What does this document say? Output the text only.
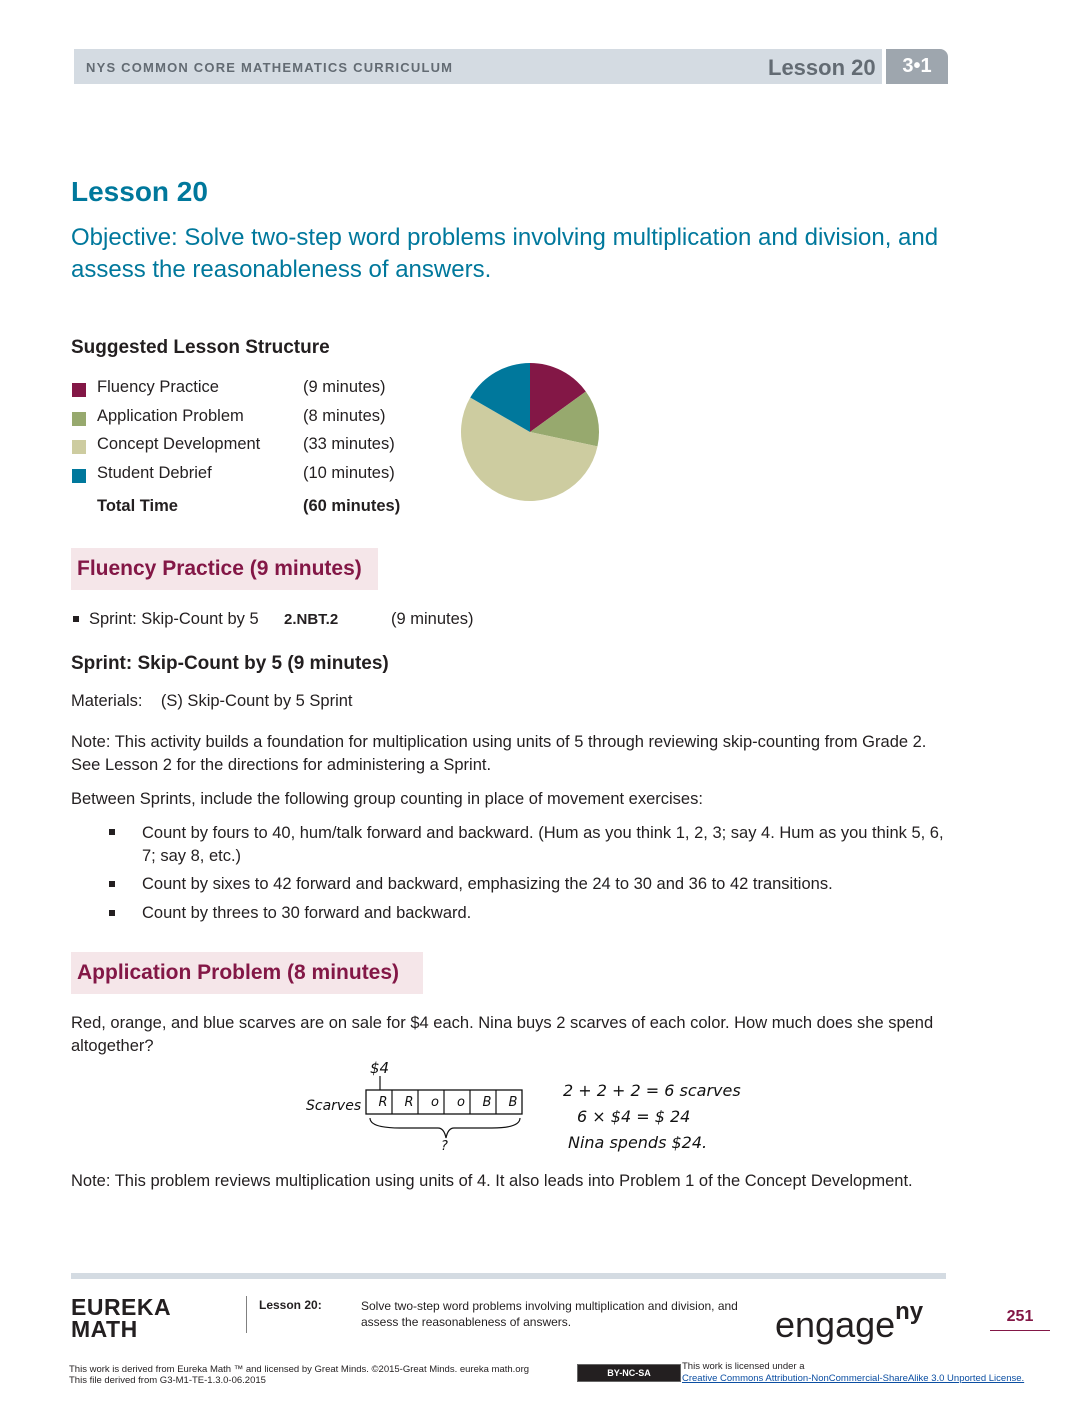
NYS COMMON CORE MATHEMATICS CURRICULUM	Lesson 20	3•1
Lesson 20
Objective: Solve two-step word problems involving multiplication and division, and assess the reasonableness of answers.
Suggested Lesson Structure
Fluency Practice	(9 minutes)
Application Problem	(8 minutes)
Concept Development	(33 minutes)
Student Debrief	(10 minutes)
Total Time	(60 minutes)
Fluency Practice (9 minutes)
Sprint: Skip-Count by 5 2.NBT.2	(9 minutes)
Sprint: Skip-Count by 5 (9 minutes)
Materials:    (S) Skip-Count by 5 Sprint
Note: This activity builds a foundation for multiplication using units of 5 through reviewing skip-counting from Grade 2. See Lesson 2 for the directions for administering a Sprint.
Between Sprints, include the following group counting in place of movement exercises:
Count by fours to 40, hum/talk forward and backward. (Hum as you think 1, 2, 3; say 4. Hum as you think 5, 6, 7; say 8, etc.)
Count by sixes to 42 forward and backward, emphasizing the 24 to 30 and 36 to 42 transitions.
Count by threes to 30 forward and backward.
Application Problem (8 minutes)
Red, orange, and blue scarves are on sale for $4 each. Nina buys 2 scarves of each color. How much does she spend altogether?
$4
Scarves	R	R	o	o	B	B
?
2 + 2 + 2 = 6 scarves
6 × $4 = $ 24
Nina spends $24.
Note: This problem reviews multiplication using units of 4. It also leads into Problem 1 of the Concept Development.
EUREKA
MATH
Lesson 20:	Solve two-step word problems involving multiplication and division, and assess the reasonableness of answers.	engage$^{ny}$	251
This work is derived from Eureka Math ™ and licensed by Great Minds. ©2015-Great Minds. eureka math.org
This file derived from G3-M1-TE-1.3.0-06.2015
BY-NC-SA
This work is licensed under a
Creative Commons Attribution-NonCommercial-ShareAlike 3.0 Unported License.
